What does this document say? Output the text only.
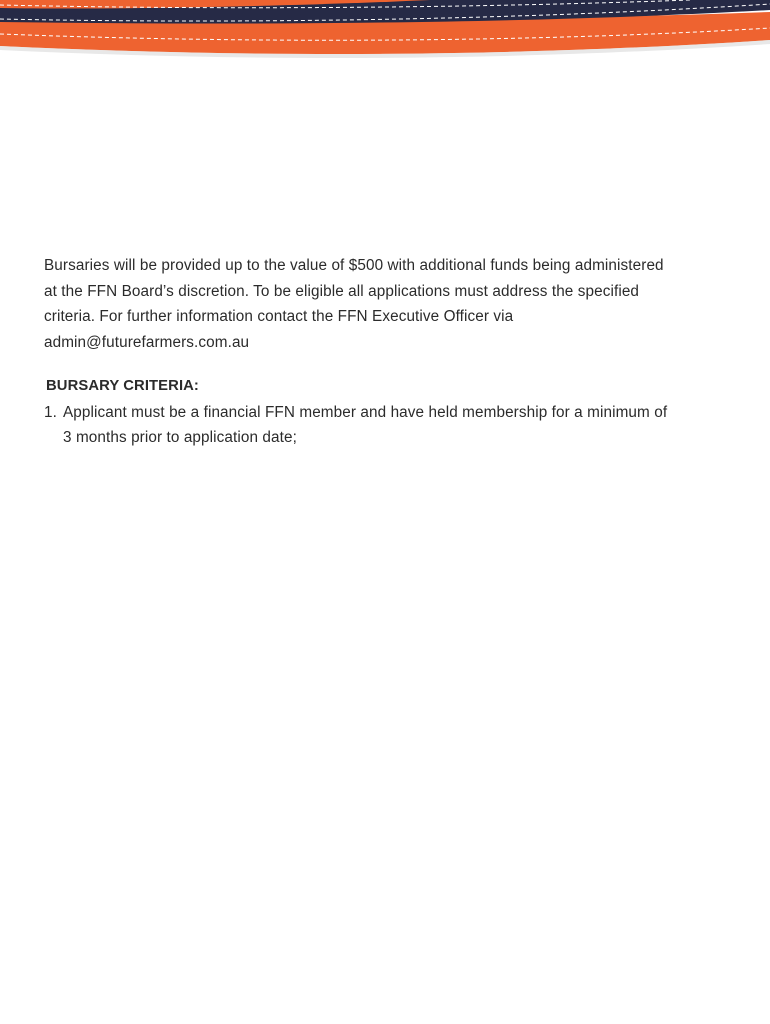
Bursaries will be provided up to the value of $500 with additional funds being administered
at the FFN Board’s discretion. To be eligible all applications must address the specified
criteria. For further information contact the FFN Executive Officer via
admin@futurefarmers.com.au

BURSARY CRITERIA:
1. Applicant must be a financial FFN member and have held membership for a minimum of
3 months prior to application date;
